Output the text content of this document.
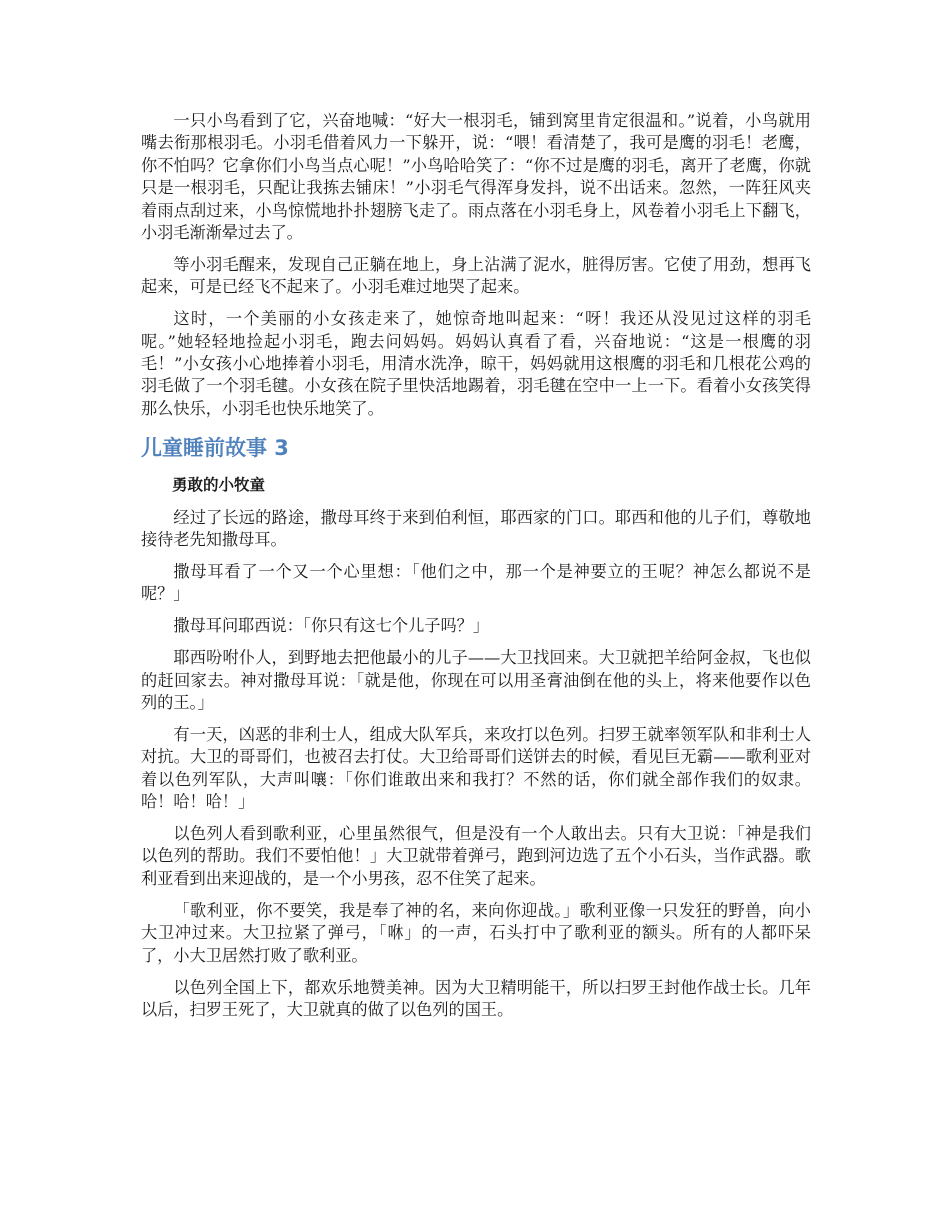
一只小鸟看到了它，兴奋地喊：“好大一根羽毛，铺到窝里肯定很温和。”说着，小鸟就用嘴去衔那根羽毛。小羽毛借着风力一下躲开，说：“喂！看清楚了，我可是鹰的羽毛！老鹰，你不怕吗？它拿你们小鸟当点心呢！”小鸟哈哈笑了：“你不过是鹰的羽毛，离开了老鹰，你就只是一根羽毛，只配让我拣去铺床！”小羽毛气得浑身发抖，说不出话来。忽然，一阵狂风夹着雨点刮过来，小鸟惊慌地扑扑翅膀飞走了。雨点落在小羽毛身上，风卷着小羽毛上下翻飞，小羽毛渐渐晕过去了。

等小羽毛醒来，发现自己正躺在地上，身上沾满了泥水，脏得厉害。它使了用劲，想再飞起来，可是已经飞不起来了。小羽毛难过地哭了起来。

这时，一个美丽的小女孩走来了，她惊奇地叫起来：“呀！我还从没见过这样的羽毛呢。”她轻轻地捡起小羽毛，跑去问妈妈。妈妈认真看了看，兴奋地说：“这是一根鹰的羽毛！”小女孩小心地捧着小羽毛，用清水洗净，晾干，妈妈就用这根鹰的羽毛和几根花公鸡的羽毛做了一个羽毛毽。小女孩在院子里快活地踢着，羽毛毽在空中一上一下。看着小女孩笑得那么快乐，小羽毛也快乐地笑了。

儿童睡前故事 3

勇敢的小牧童

经过了长远的路途，撒母耳终于来到伯利恒，耶西家的门口。耶西和他的儿子们，尊敬地接待老先知撒母耳。

撒母耳看了一个又一个心里想：「他们之中，那一个是神要立的王呢？神怎么都说不是呢？」

撒母耳问耶西说：「你只有这七个儿子吗？」

耶西吩咐仆人，到野地去把他最小的儿子——大卫找回来。大卫就把羊给阿金叔，飞也似的赶回家去。神对撒母耳说：「就是他，你现在可以用圣膏油倒在他的头上，将来他要作以色列的王。」

有一天，凶恶的非利士人，组成大队军兵，来攻打以色列。扫罗王就率领军队和非利士人对抗。大卫的哥哥们，也被召去打仗。大卫给哥哥们送饼去的时候，看见巨无霸——歌利亚对着以色列军队，大声叫嚷：「你们谁敢出来和我打？不然的话，你们就全部作我们的奴隶。哈！哈！哈！」

以色列人看到歌利亚，心里虽然很气，但是没有一个人敢出去。只有大卫说：「神是我们以色列的帮助。我们不要怕他！」大卫就带着弹弓，跑到河边选了五个小石头，当作武器。歌利亚看到出来迎战的，是一个小男孩，忍不住笑了起来。

「歌利亚，你不要笑，我是奉了神的名，来向你迎战。」歌利亚像一只发狂的野兽，向小大卫冲过来。大卫拉紧了弹弓，「咻」的一声，石头打中了歌利亚的额头。所有的人都吓呆了，小大卫居然打败了歌利亚。

以色列全国上下，都欢乐地赞美神。因为大卫精明能干，所以扫罗王封他作战士长。几年以后，扫罗王死了，大卫就真的做了以色列的国王。
